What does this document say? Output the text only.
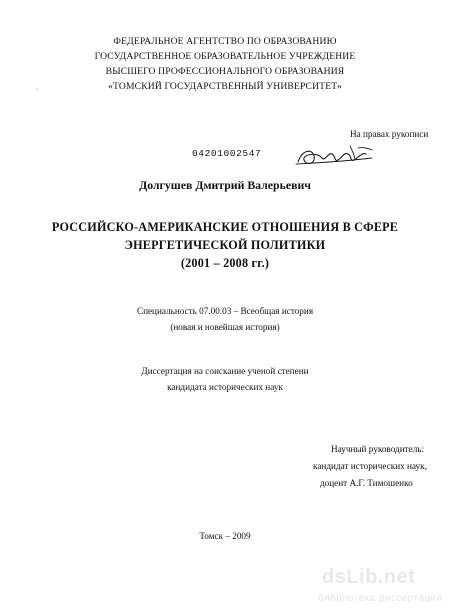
ФЕДЕРАЛЬНОЕ АГЕНТСТВО ПО ОБРАЗОВАНИЮ
ГОСУДАРСТВЕННОЕ ОБРАЗОВАТЕЛЬНОЕ УЧРЕЖДЕНИЕ
ВЫСШЕГО ПРОФЕССИОНАЛЬНОГО ОБРАЗОВАНИЯ
«ТОМСКИЙ ГОСУДАРСТВЕННЫЙ УНИВЕРСИТЕТ»
На правах рукописи
04201002547
Долгушев Дмитрий Валерьевич
РОССИЙСКО-АМЕРИКАНСКИЕ ОТНОШЕНИЯ В СФЕРЕ
ЭНЕРГЕТИЧЕСКОЙ ПОЛИТИКИ
(2001 – 2008 гг.)
Специальность 07.00.03 – Всеобщая история
(новая и новейшая история)
Диссертация на соискание ученой степени
кандидата исторических наук
Научный руководитель:
кандидат исторических наук,
доцент А.Г. Тимошенко
Томск – 2009
dsLib.net
библиотека диссертаций
